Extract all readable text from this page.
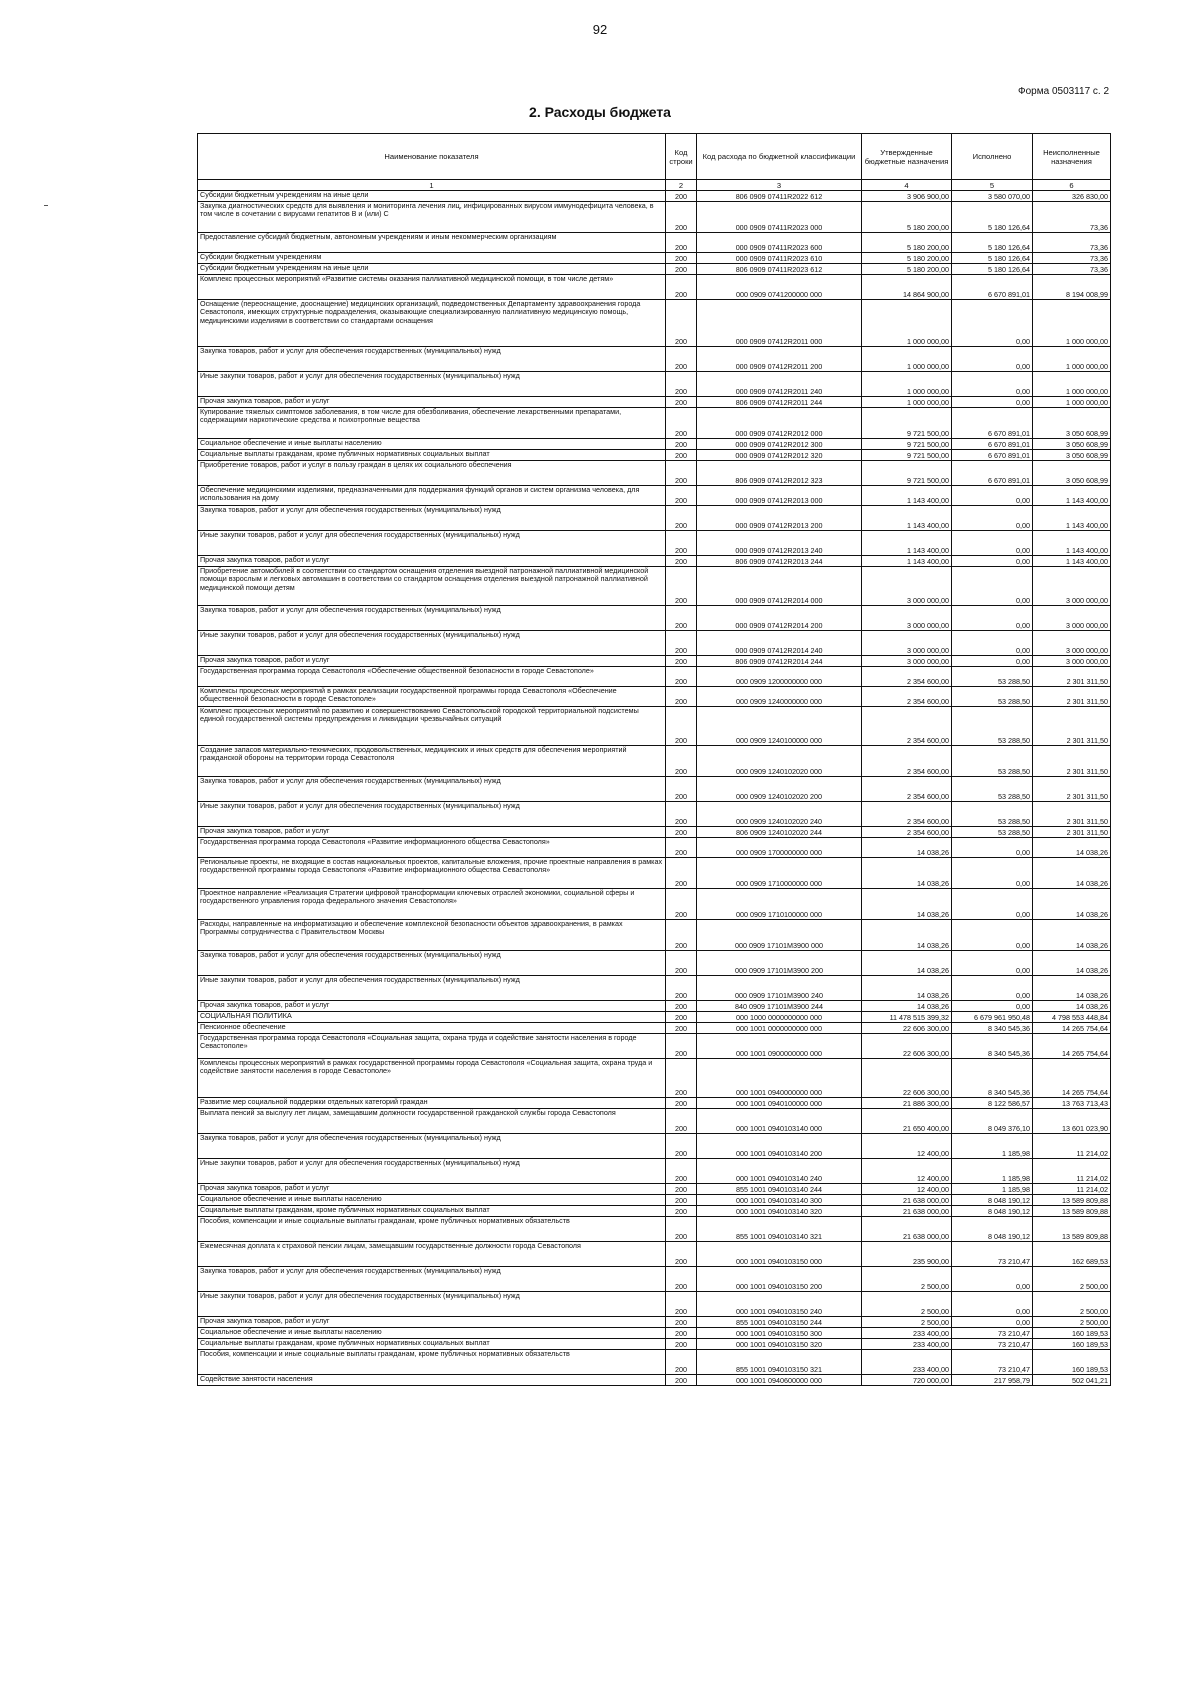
92
Форма 0503117 с. 2
2. Расходы бюджета
Наименование показателя	Код строки	Код расхода по бюджетной классификации	Утвержденные бюджетные назначения	Исполнено	Неисполненные назначения
1	2	3	4	5	6
Субсидии бюджетным учреждениям на иные цели	200	806 0909 07411R2022 612	3 906 900,00	3 580 070,00	326 830,00
Закупка диагностических средств для выявления и мониторинга лечения лиц, инфицированных вирусом иммунодефицита человека, в том числе в сочетании с вирусами гепатитов B и (или) C	200	000 0909 07411R2023 000	5 180 200,00	5 180 126,64	73,36
Предоставление субсидий бюджетным, автономным учреждениям и иным некоммерческим организациям	200	000 0909 07411R2023 600	5 180 200,00	5 180 126,64	73,36
Субсидии бюджетным учреждениям	200	000 0909 07411R2023 610	5 180 200,00	5 180 126,64	73,36
Субсидии бюджетным учреждениям на иные цели	200	806 0909 07411R2023 612	5 180 200,00	5 180 126,64	73,36
Комплекс процессных мероприятий «Развитие системы оказания паллиативной медицинской помощи, в том числе детям»	200	000 0909 0741200000 000	14 864 900,00	6 670 891,01	8 194 008,99
Оснащение (переоснащение, дооснащение) медицинских организаций, подведомственных Департаменту здравоохранения города Севастополя, имеющих структурные подразделения, оказывающие специализированную паллиативную медицинскую помощь, медицинскими изделиями в соответствии со стандартами оснащения	200	000 0909 07412R2011 000	1 000 000,00	0,00	1 000 000,00
Закупка товаров, работ и услуг для обеспечения государственных (муниципальных) нужд	200	000 0909 07412R2011 200	1 000 000,00	0,00	1 000 000,00
Иные закупки товаров, работ и услуг для обеспечения государственных (муниципальных) нужд	200	000 0909 07412R2011 240	1 000 000,00	0,00	1 000 000,00
Прочая закупка товаров, работ и услуг	200	806 0909 07412R2011 244	1 000 000,00	0,00	1 000 000,00
Купирование тяжелых симптомов заболевания, в том числе для обезболивания, обеспечение лекарственными препаратами, содержащими наркотические средства и психотропные вещества	200	000 0909 07412R2012 000	9 721 500,00	6 670 891,01	3 050 608,99
Социальное обеспечение и иные выплаты населению	200	000 0909 07412R2012 300	9 721 500,00	6 670 891,01	3 050 608,99
Социальные выплаты гражданам, кроме публичных нормативных социальных выплат	200	000 0909 07412R2012 320	9 721 500,00	6 670 891,01	3 050 608,99
Приобретение товаров, работ и услуг в пользу граждан в целях их социального обеспечения	200	806 0909 07412R2012 323	9 721 500,00	6 670 891,01	3 050 608,99
Обеспечение медицинскими изделиями, предназначенными для поддержания функций органов и систем организма человека, для использования на дому	200	000 0909 07412R2013 000	1 143 400,00	0,00	1 143 400,00
Закупка товаров, работ и услуг для обеспечения государственных (муниципальных) нужд	200	000 0909 07412R2013 200	1 143 400,00	0,00	1 143 400,00
Иные закупки товаров, работ и услуг для обеспечения государственных (муниципальных) нужд	200	000 0909 07412R2013 240	1 143 400,00	0,00	1 143 400,00
Прочая закупка товаров, работ и услуг	200	806 0909 07412R2013 244	1 143 400,00	0,00	1 143 400,00
Приобретение автомобилей в соответствии со стандартом оснащения отделения выездной патронажной паллиативной медицинской помощи взрослым и легковых автомашин в соответствии со стандартом оснащения отделения выездной патронажной паллиативной медицинской помощи детям	200	000 0909 07412R2014 000	3 000 000,00	0,00	3 000 000,00
Закупка товаров, работ и услуг для обеспечения государственных (муниципальных) нужд	200	000 0909 07412R2014 200	3 000 000,00	0,00	3 000 000,00
Иные закупки товаров, работ и услуг для обеспечения государственных (муниципальных) нужд	200	000 0909 07412R2014 240	3 000 000,00	0,00	3 000 000,00
Прочая закупка товаров, работ и услуг	200	806 0909 07412R2014 244	3 000 000,00	0,00	3 000 000,00
Государственная программа города Севастополя «Обеспечение общественной безопасности в городе Севастополе»	200	000 0909 1200000000 000	2 354 600,00	53 288,50	2 301 311,50
Комплексы процессных мероприятий в рамках реализации государственной программы города Севастополя «Обеспечение общественной безопасности в городе Севастополе»	200	000 0909 1240000000 000	2 354 600,00	53 288,50	2 301 311,50
Комплекс процессных мероприятий по развитию и совершенствованию Севастопольской городской территориальной подсистемы единой государственной системы предупреждения и ликвидации чрезвычайных ситуаций	200	000 0909 1240100000 000	2 354 600,00	53 288,50	2 301 311,50
Создание запасов материально-технических, продовольственных, медицинских и иных средств для обеспечения мероприятий гражданской обороны на территории города Севастополя	200	000 0909 1240102020 000	2 354 600,00	53 288,50	2 301 311,50
Закупка товаров, работ и услуг для обеспечения государственных (муниципальных) нужд	200	000 0909 1240102020 200	2 354 600,00	53 288,50	2 301 311,50
Иные закупки товаров, работ и услуг для обеспечения государственных (муниципальных) нужд	200	000 0909 1240102020 240	2 354 600,00	53 288,50	2 301 311,50
Прочая закупка товаров, работ и услуг	200	806 0909 1240102020 244	2 354 600,00	53 288,50	2 301 311,50
Государственная программа города Севастополя «Развитие информационного общества Севастополя»	200	000 0909 1700000000 000	14 038,26	0,00	14 038,26
Региональные проекты, не входящие в состав национальных проектов, капитальные вложения, прочие проектные направления в рамках государственной программы города Севастополя «Развитие информационного общества Севастополя»	200	000 0909 1710000000 000	14 038,26	0,00	14 038,26
Проектное направление «Реализация Стратегии цифровой трансформации ключевых отраслей экономики, социальной сферы и государственного управления города федерального значения Севастополя»	200	000 0909 1710100000 000	14 038,26	0,00	14 038,26
Расходы, направленные на информатизацию и обеспечение комплексной безопасности объектов здравоохранения, в рамках Программы сотрудничества с Правительством Москвы	200	000 0909 17101М3900 000	14 038,26	0,00	14 038,26
Закупка товаров, работ и услуг для обеспечения государственных (муниципальных) нужд	200	000 0909 17101М3900 200	14 038,26	0,00	14 038,26
Иные закупки товаров, работ и услуг для обеспечения государственных (муниципальных) нужд	200	000 0909 17101М3900 240	14 038,26	0,00	14 038,26
Прочая закупка товаров, работ и услуг	200	840 0909 17101М3900 244	14 038,26	0,00	14 038,26
СОЦИАЛЬНАЯ ПОЛИТИКА	200	000 1000 0000000000 000	11 478 515 399,32	6 679 961 950,48	4 798 553 448,84
Пенсионное обеспечение	200	000 1001 0000000000 000	22 606 300,00	8 340 545,36	14 265 754,64
Государственная программа города Севастополя «Социальная защита, охрана труда и содействие занятости населения в городе Севастополе»	200	000 1001 0900000000 000	22 606 300,00	8 340 545,36	14 265 754,64
Комплексы процессных мероприятий в рамках государственной программы города Севастополя «Социальная защита, охрана труда и содействие занятости населения в городе Севастополе»	200	000 1001 0940000000 000	22 606 300,00	8 340 545,36	14 265 754,64
Развитие мер социальной поддержки отдельных категорий граждан	200	000 1001 0940100000 000	21 886 300,00	8 122 586,57	13 763 713,43
Выплата пенсий за выслугу лет лицам, замещавшим должности государственной гражданской службы города Севастополя	200	000 1001 0940103140 000	21 650 400,00	8 049 376,10	13 601 023,90
Закупка товаров, работ и услуг для обеспечения государственных (муниципальных) нужд	200	000 1001 0940103140 200	12 400,00	1 185,98	11 214,02
Иные закупки товаров, работ и услуг для обеспечения государственных (муниципальных) нужд	200	000 1001 0940103140 240	12 400,00	1 185,98	11 214,02
Прочая закупка товаров, работ и услуг	200	855 1001 0940103140 244	12 400,00	1 185,98	11 214,02
Социальное обеспечение и иные выплаты населению	200	000 1001 0940103140 300	21 638 000,00	8 048 190,12	13 589 809,88
Социальные выплаты гражданам, кроме публичных нормативных социальных выплат	200	000 1001 0940103140 320	21 638 000,00	8 048 190,12	13 589 809,88
Пособия, компенсации и иные социальные выплаты гражданам, кроме публичных нормативных обязательств	200	855 1001 0940103140 321	21 638 000,00	8 048 190,12	13 589 809,88
Ежемесячная доплата к страховой пенсии лицам, замещавшим государственные должности города Севастополя	200	000 1001 0940103150 000	235 900,00	73 210,47	162 689,53
Закупка товаров, работ и услуг для обеспечения государственных (муниципальных) нужд	200	000 1001 0940103150 200	2 500,00	0,00	2 500,00
Иные закупки товаров, работ и услуг для обеспечения государственных (муниципальных) нужд	200	000 1001 0940103150 240	2 500,00	0,00	2 500,00
Прочая закупка товаров, работ и услуг	200	855 1001 0940103150 244	2 500,00	0,00	2 500,00
Социальное обеспечение и иные выплаты населению	200	000 1001 0940103150 300	233 400,00	73 210,47	160 189,53
Социальные выплаты гражданам, кроме публичных нормативных социальных выплат	200	000 1001 0940103150 320	233 400,00	73 210,47	160 189,53
Пособия, компенсации и иные социальные выплаты гражданам, кроме публичных нормативных обязательств	200	855 1001 0940103150 321	233 400,00	73 210,47	160 189,53
Содействие занятости населения	200	000 1001 0940600000 000	720 000,00	217 958,79	502 041,21
